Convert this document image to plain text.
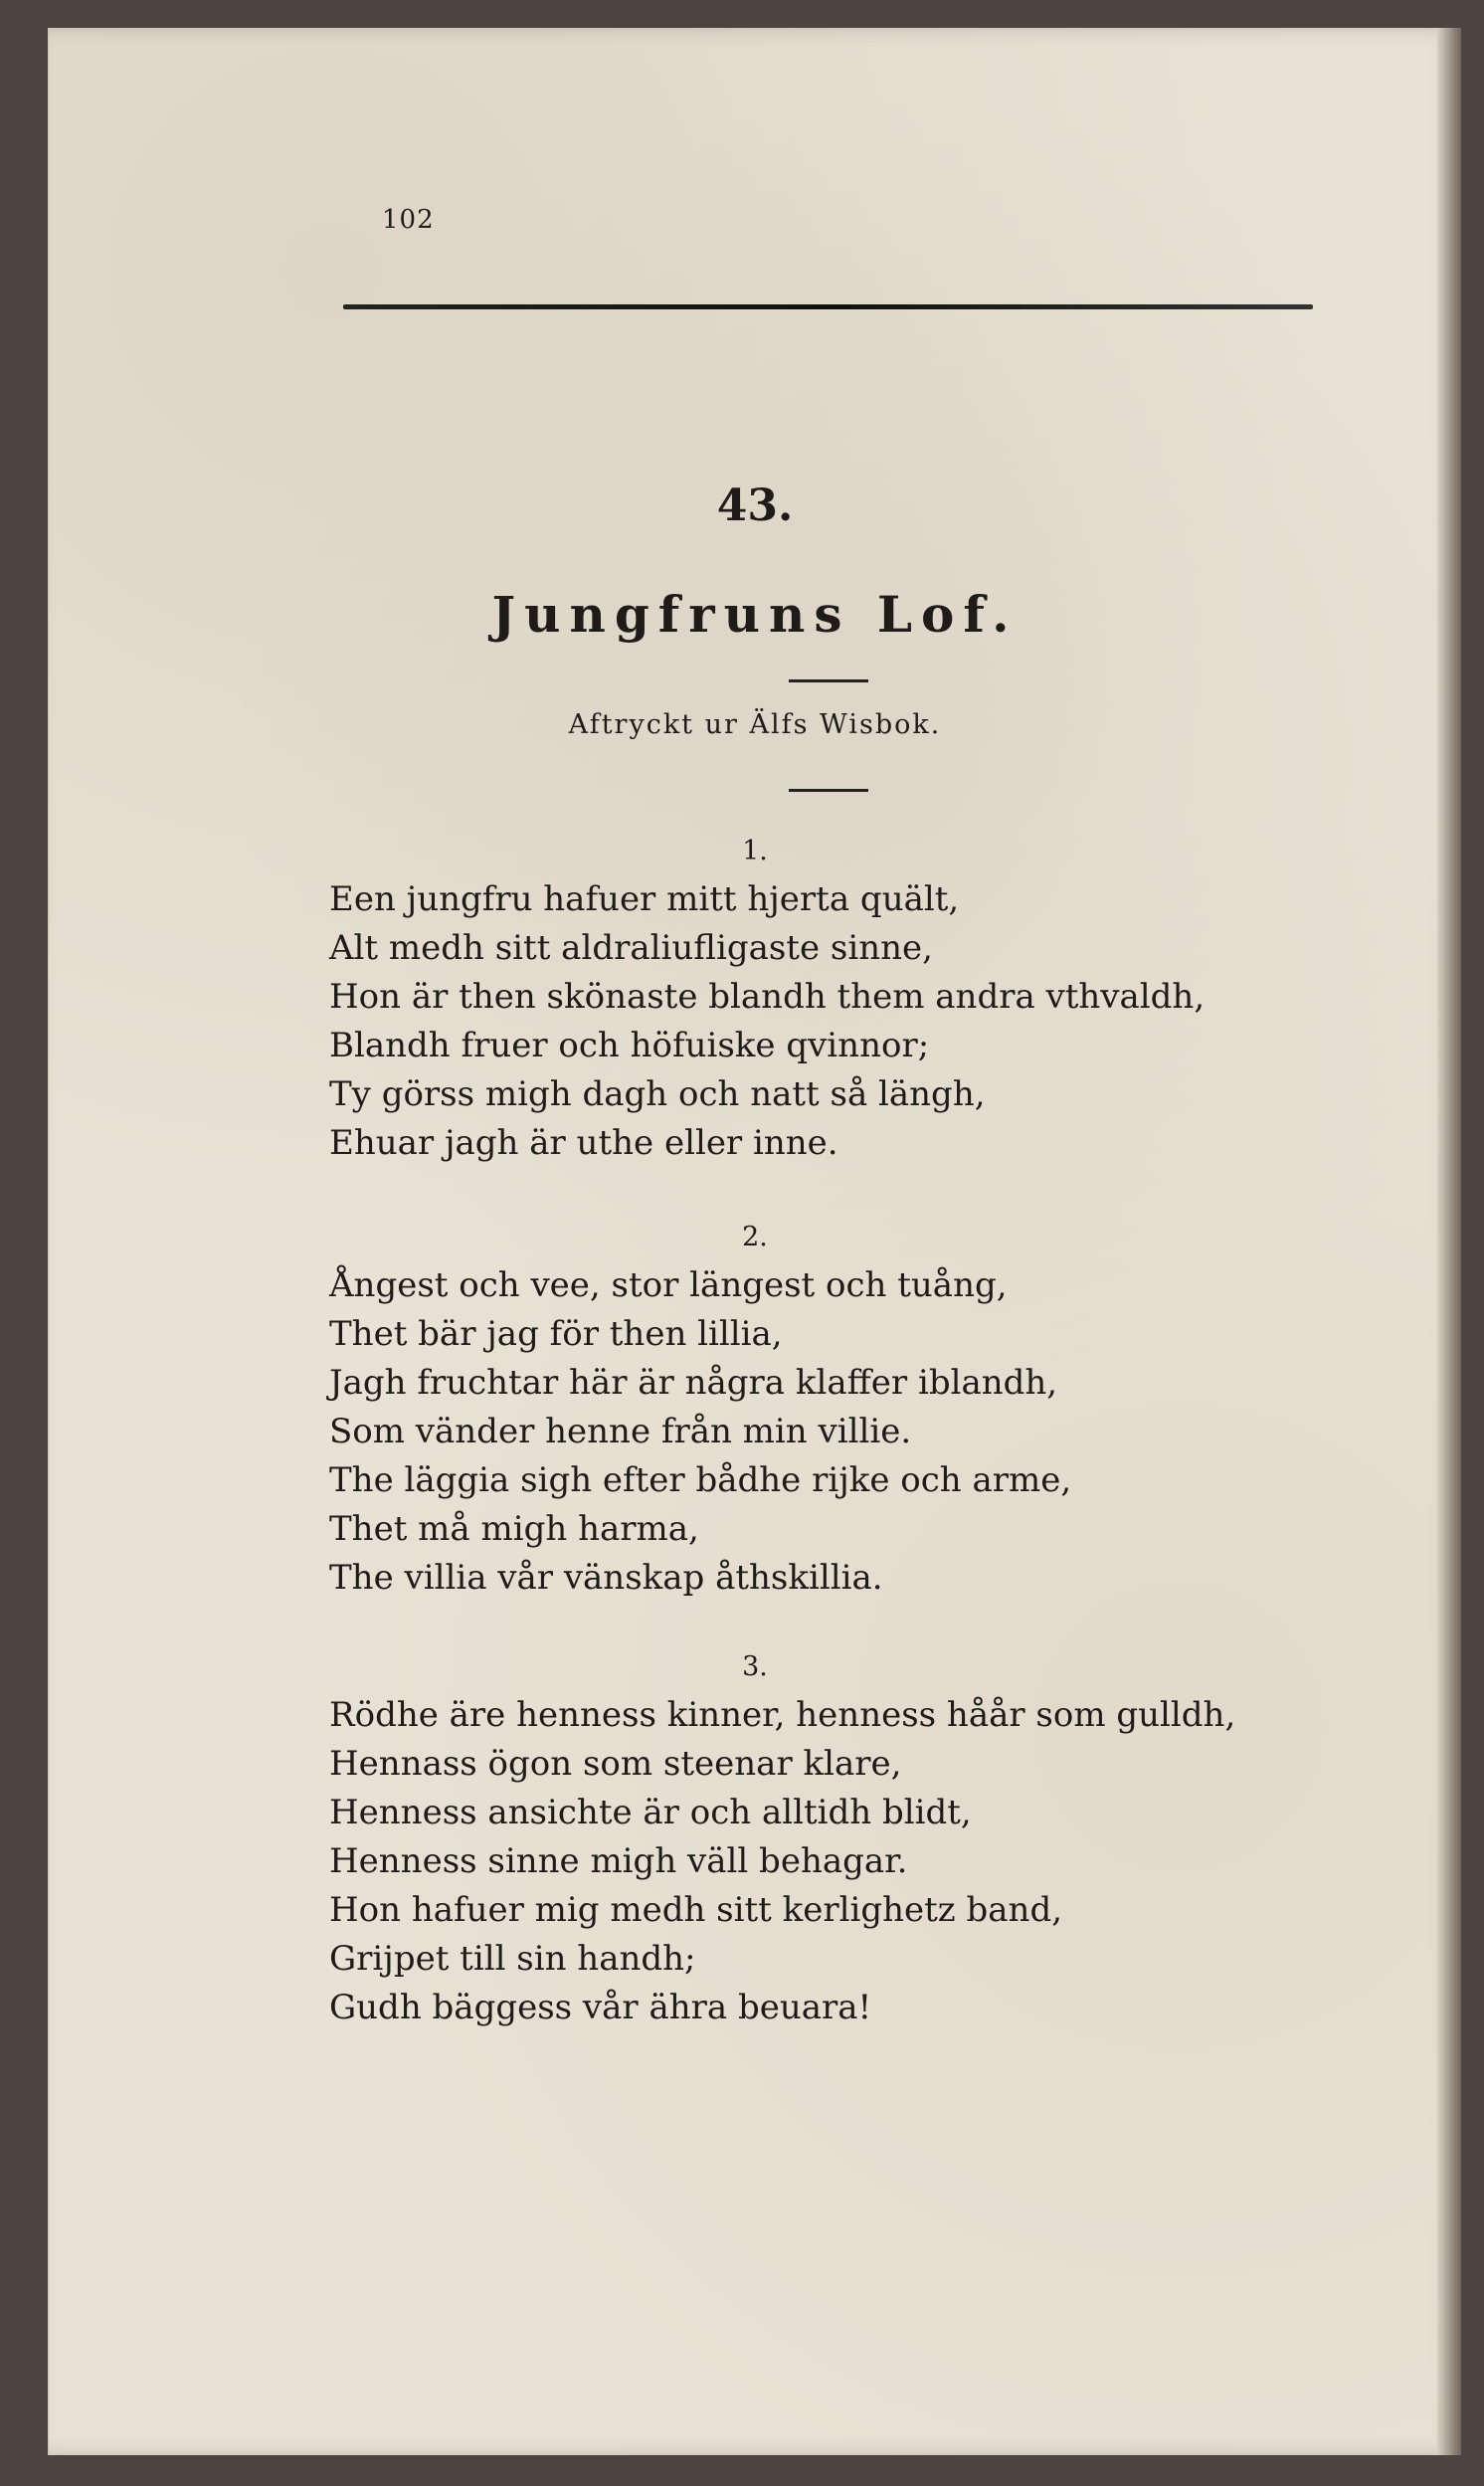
102
43.
Jungfruns Lof.
Aftryckt ur Älfs Wisbok.
1.
Een jungfru hafuer mitt hjerta quält,
Alt medh sitt aldraliufligaste sinne,
Hon är then skönaste blandh them andra vthvaldh,
Blandh fruer och höfuiske qvinnor;
Ty görss migh dagh och natt så längh,
Ehuar jagh är uthe eller inne.
2.
Ångest och vee, stor längest och tuång,
Thet bär jag för then lillia,
Jagh fruchtar här är några klaffer iblandh,
Som vänder henne från min villie.
The läggia sigh efter bådhe rijke och arme,
Thet må migh harma,
The villia vår vänskap åthskillia.
3.
Rödhe äre henness kinner, henness håår som gulldh,
Hennass ögon som steenar klare,
Henness ansichte är och alltidh blidt,
Henness sinne migh väll behagar.
Hon hafuer mig medh sitt kerlighetz band,
Grijpet till sin handh;
Gudh bäggess vår ähra beuara!
